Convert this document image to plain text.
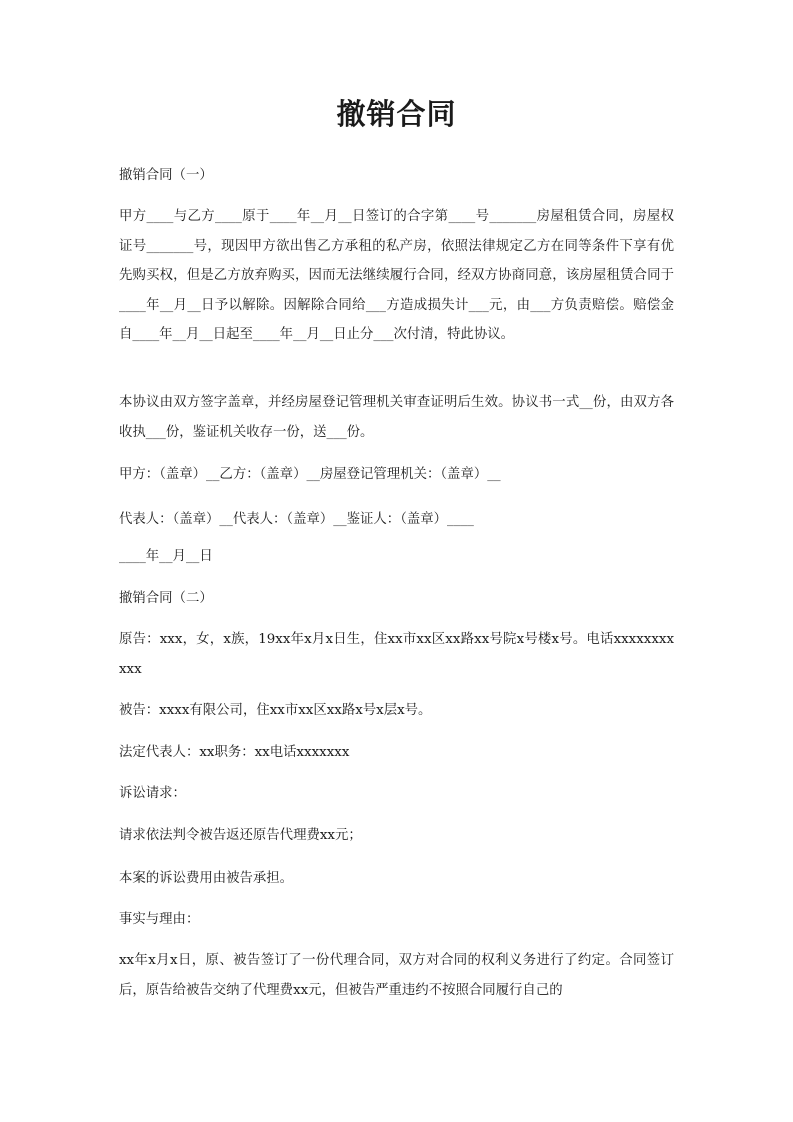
撤销合同

撤销合同（一）

甲方____与乙方____原于____年__月__日签订的合字第____号_______房屋租赁合同，房屋权证号_______号，现因甲方欲出售乙方承租的私产房，依照法律规定乙方在同等条件下享有优先购买权，但是乙方放弃购买，因而无法继续履行合同，经双方协商同意，该房屋租赁合同于____年__月__日予以解除。因解除合同给___方造成损失计___元，由___方负责赔偿。赔偿金自____年__月__日起至____年__月__日止分___次付清，特此协议。

本协议由双方签字盖章，并经房屋登记管理机关审查证明后生效。协议书一式__份，由双方各收执___份，鉴证机关收存一份，送___份。

甲方：（盖章）__乙方：（盖章）__房屋登记管理机关：（盖章）__

代表人：（盖章）__代表人：（盖章）__鉴证人：（盖章）____

____年__月__日

撤销合同（二）

原告：xxx，女，x族，19xx年x月x日生，住xx市xx区xx路xx号院x号楼x号。电话xxxxxxxxxxx

被告：xxxx有限公司，住xx市xx区xx路x号x层x号。

法定代表人：xx职务：xx电话xxxxxxx

诉讼请求：

请求依法判令被告返还原告代理费xx元；

本案的诉讼费用由被告承担。

事实与理由：

xx年x月x日，原、被告签订了一份代理合同，双方对合同的权利义务进行了约定。合同签订后，原告给被告交纳了代理费xx元，但被告严重违约不按照合同履行自己的
